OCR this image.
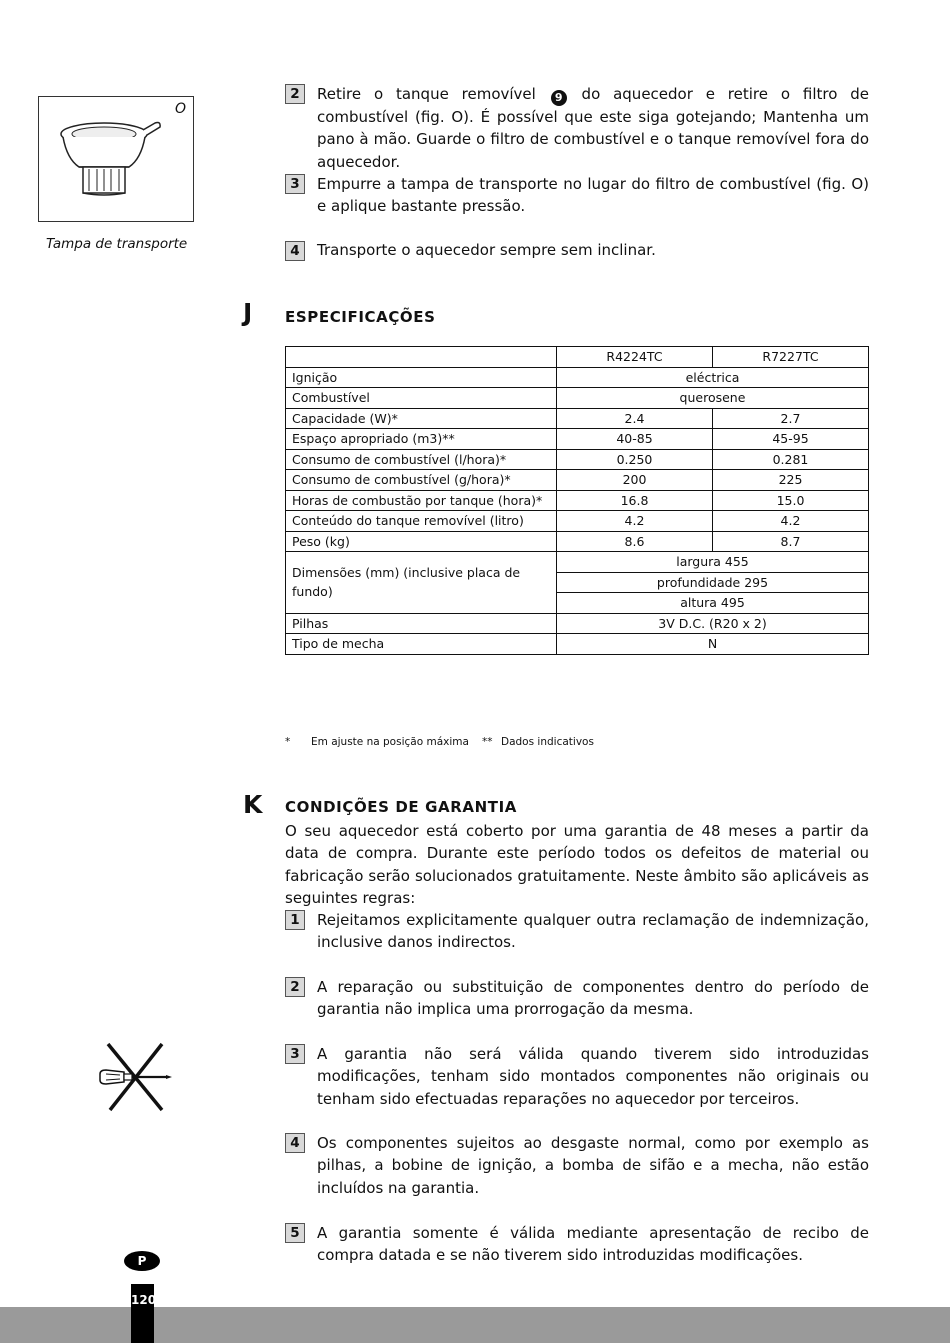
O
Tampa de transporte
2	Retire o tanque removível 9 do aquecedor e retire o filtro de combustível (fig. O). É possível que este siga gotejando; Mantenha um pano à mão. Guarde o filtro de combustível e o tanque removível fora do aquecedor.
3	Empurre a tampa de transporte no lugar do filtro de combustível (fig. O) e aplique bastante pressão.
4	Transporte o aquecedor sempre sem inclinar.
J ESPECIFICAÇÕES
	R4224TC	R7227TC
Ignição	eléctrica	
Combustível	querosene	
Capacidade (W)*	2.4	2.7
Espaço apropriado (m3)**	40-85	45-95
Consumo de combustível (l/hora)*	0.250	0.281
Consumo de combustível (g/hora)*	200	225
Horas de combustão por tanque (hora)*	16.8	15.0
Conteúdo do tanque removível (litro)	4.2	4.2
Peso (kg)	8.6	8.7
Dimensões (mm) (inclusive placa de fundo)	largura 455	
	profundidade 295	
	altura 495	
Pilhas	3V D.C. (R20 x 2)	
Tipo de mecha	N	
* Em ajuste na posição máxima ** Dados indicativos
K CONDIÇÕES DE GARANTIA
O seu aquecedor está coberto por uma garantia de 48 meses a partir da data de compra. Durante este período todos os defeitos de material ou fabricação serão solucionados gratuitamente. Neste âmbito são aplicáveis as seguintes regras:
1	Rejeitamos explicitamente qualquer outra reclamação de indemnização, inclusive danos indirectos.
2	A reparação ou substituição de componentes dentro do período de garantia não implica uma prorrogação da mesma.
3	A garantia não será válida quando tiverem sido introduzidas modificações, tenham sido montados componentes não originais ou tenham sido efectuadas reparações no aquecedor por terceiros.
4	Os componentes sujeitos ao desgaste normal, como por exemplo as pilhas, a bobine de ignição, a bomba de sifão e a mecha, não estão incluídos na garantia.
5	A garantia somente é válida mediante apresentação de recibo de compra datada e se não tiverem sido introduzidas modificações.
P
120
